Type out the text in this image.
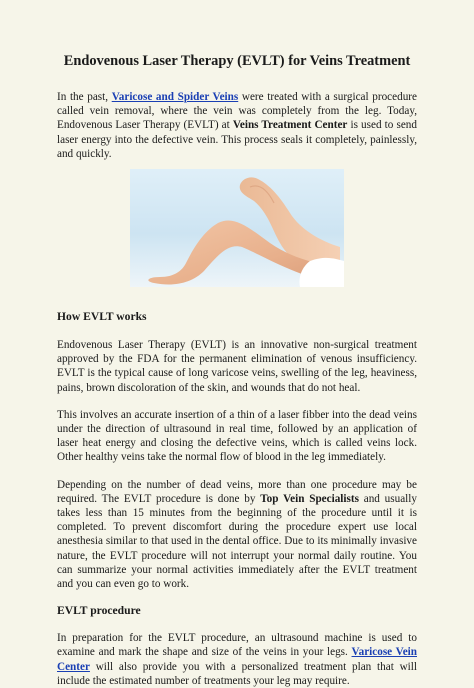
Endovenous Laser Therapy (EVLT) for Veins Treatment

In the past, Varicose and Spider Veins were treated with a surgical procedure called vein removal, where the vein was completely from the leg. Today, Endovenous Laser Therapy (EVLT) at Veins Treatment Center is used to send laser energy into the defective vein. This process seals it completely, painlessly, and quickly.

How EVLT works

Endovenous Laser Therapy (EVLT) is an innovative non-surgical treatment approved by the FDA for the permanent elimination of venous insufficiency. EVLT is the typical cause of long varicose veins, swelling of the leg, heaviness, pains, brown discoloration of the skin, and wounds that do not heal.

This involves an accurate insertion of a thin of a laser fibber into the dead veins under the direction of ultrasound in real time, followed by an application of laser heat energy and closing the defective veins, which is called veins lock. Other healthy veins take the normal flow of blood in the leg immediately.

Depending on the number of dead veins, more than one procedure may be required. The EVLT procedure is done by Top Vein Specialists and usually takes less than 15 minutes from the beginning of the procedure until it is completed. To prevent discomfort during the procedure expert use local anesthesia similar to that used in the dental office. Due to its minimally invasive nature, the EVLT procedure will not interrupt your normal daily routine. You can summarize your normal activities immediately after the EVLT treatment and you can even go to work.

EVLT procedure

In preparation for the EVLT procedure, an ultrasound machine is used to examine and mark the shape and size of the veins in your legs. Varicose Vein Center will also provide you with a personalized treatment plan that will include the estimated number of treatments your leg may require.
